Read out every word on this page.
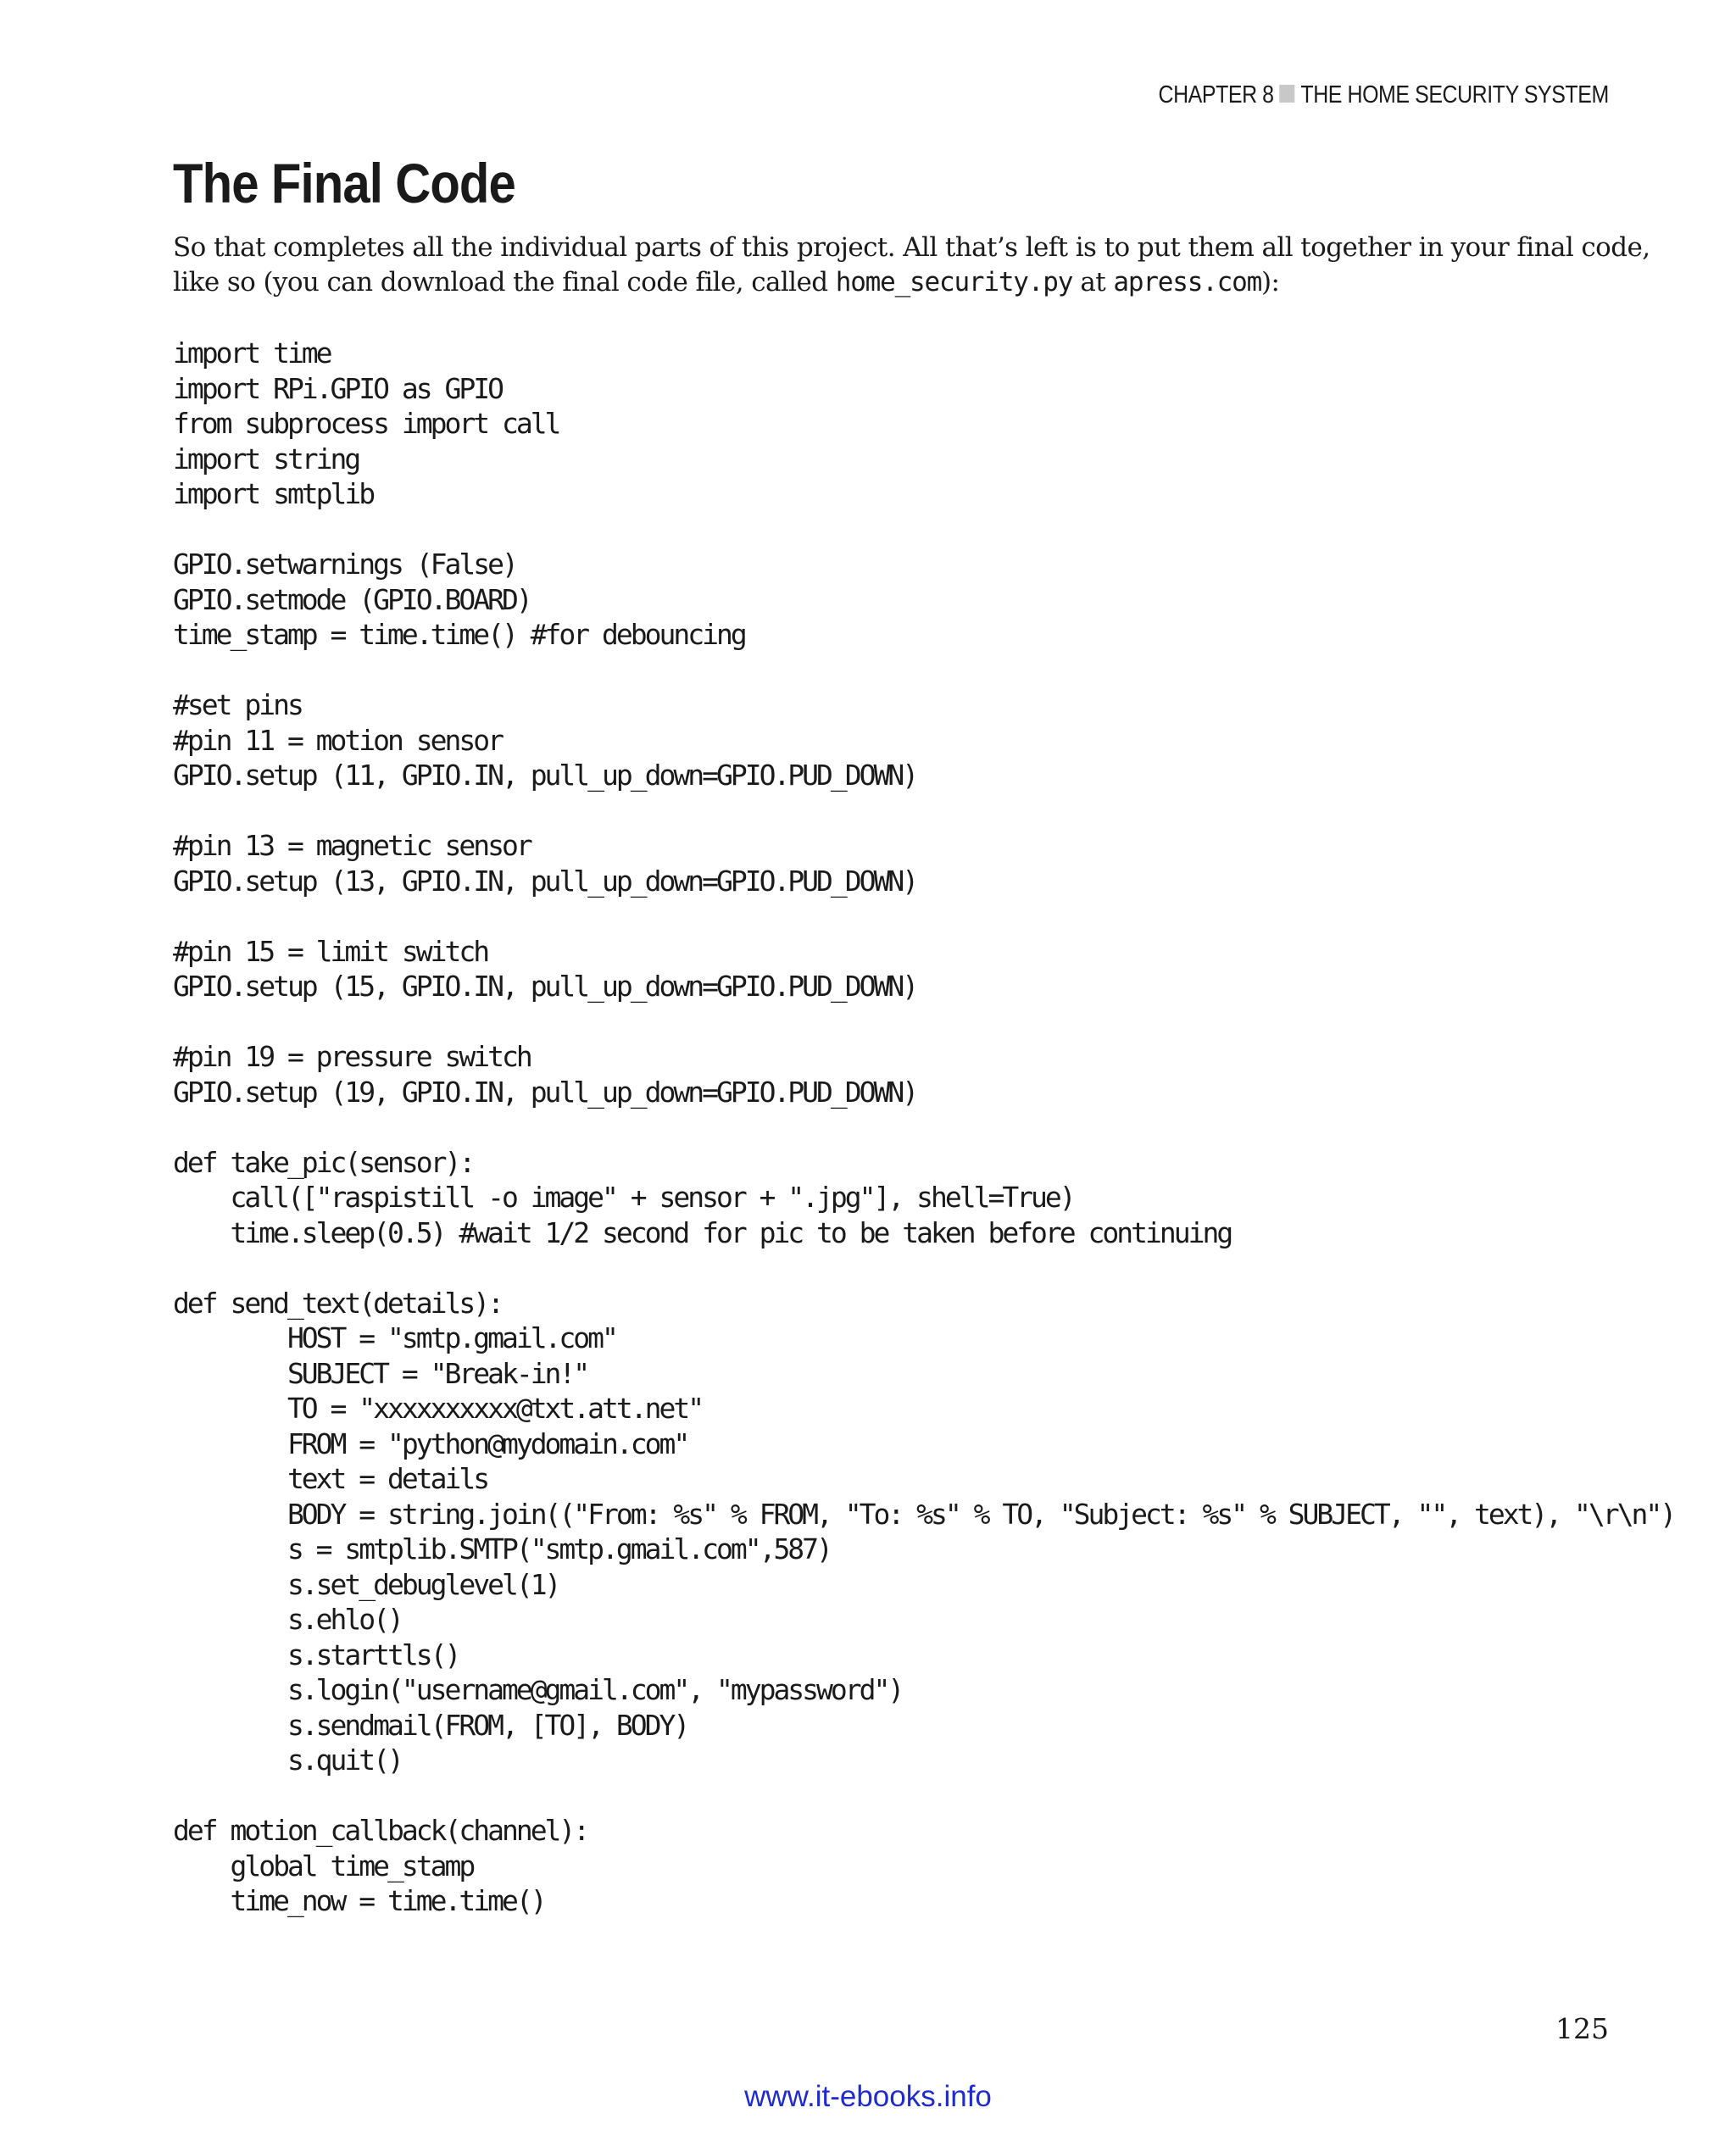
CHAPTER 8 THE HOME SECURITY SYSTEM
The Final Code

So that completes all the individual parts of this project. All that’s left is to put them all together in your final code,

like so (you can download the final code file, called home_security.py at apress.com):

import time
import RPi.GPIO as GPIO
from subprocess import call
import string
import smtplib

GPIO.setwarnings (False)
GPIO.setmode (GPIO.BOARD)
time_stamp = time.time() #for debouncing

#set pins
#pin 11 = motion sensor
GPIO.setup (11, GPIO.IN, pull_up_down=GPIO.PUD_DOWN)

#pin 13 = magnetic sensor
GPIO.setup (13, GPIO.IN, pull_up_down=GPIO.PUD_DOWN)

#pin 15 = limit switch
GPIO.setup (15, GPIO.IN, pull_up_down=GPIO.PUD_DOWN)

#pin 19 = pressure switch
GPIO.setup (19, GPIO.IN, pull_up_down=GPIO.PUD_DOWN)

def take_pic(sensor):
call(["raspistill -o image" + sensor + ".jpg"], shell=True)
time.sleep(0.5) #wait 1/2 second for pic to be taken before continuing

def send_text(details):
HOST = "smtp.gmail.com"
SUBJECT = "Break-in!"
TO = "xxxxxxxxxx@txt.att.net"
FROM = "python@mydomain.com"
text = details
BODY = string.join(("From: %s" % FROM, "To: %s" % TO, "Subject: %s" % SUBJECT, "", text), "\r\n")
s = smtplib.SMTP("smtp.gmail.com",587)
s.set_debuglevel(1)
s.ehlo()
s.starttls()
s.login("username@gmail.com", "mypassword")
s.sendmail(FROM, [TO], BODY)
s.quit()

def motion_callback(channel):
global time_stamp
time_now = time.time()
125
www.it-ebooks.info
